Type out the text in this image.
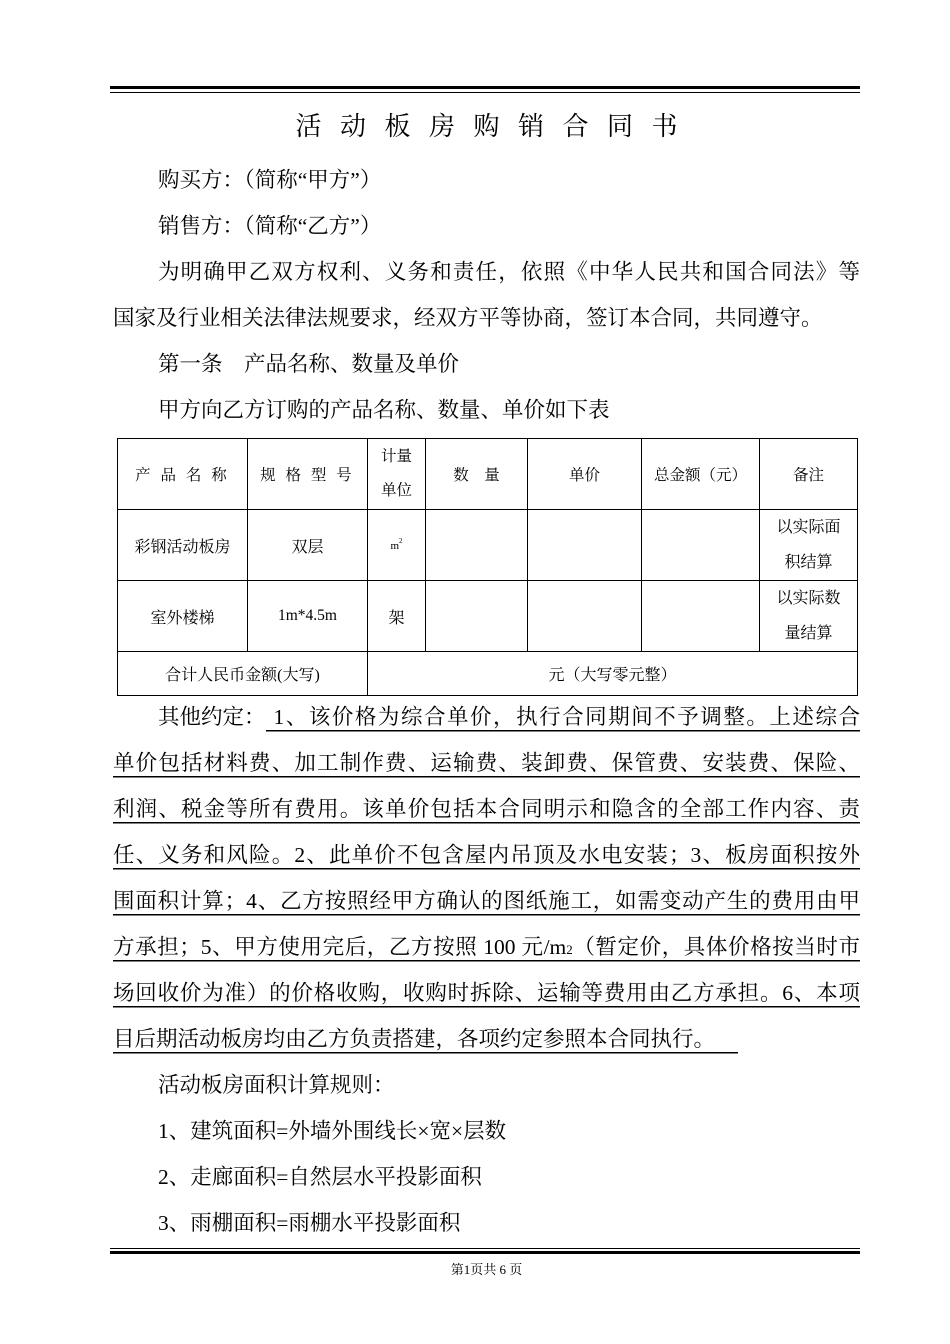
活 动 板 房 购 销 合 同 书
购买方：（简称“甲方”）
销售方：（简称“乙方”）
为明确甲乙双方权利、义务和责任，依照《中华人民共和国合同法》等
国家及行业相关法律法规要求，经双方平等协商，签订本合同，共同遵守。
第一条　产品名称、数量及单价
甲方向乙方订购的产品名称、数量、单价如下表
产 品 名 称	规 格 型 号	计量单位	数　量	单价	总金额（元）	备注
彩钢活动板房	双层	$m^2$				以实际面积结算
室外楼梯	1m*4.5m	架				以实际数量结算
合计人民币金额(大写)		元（大写零元整）				
其他约定： 1、该价格为综合单价，执行合同期间不予调整。上述综合
单价包括材料费、加工制作费、运输费、装卸费、保管费、安装费、保险、
利润、税金等所有费用。该单价包括本合同明示和隐含的全部工作内容、责
任、义务和风险。2、此单价不包含屋内吊顶及水电安装；3、板房面积按外
围面积计算；4、乙方按照经甲方确认的图纸施工，如需变动产生的费用由甲
方承担；5、甲方使用完后，乙方按照 100 元/m2（暂定价，具体价格按当时市
场回收价为准）的价格收购，收购时拆除、运输等费用由乙方承担。6、本项
目后期活动板房均由乙方负责搭建，各项约定参照本合同执行。
活动板房面积计算规则：
1、建筑面积=外墙外围线长×宽×层数
2、走廊面积=自然层水平投影面积
3、雨棚面积=雨棚水平投影面积
第1页共 6 页
